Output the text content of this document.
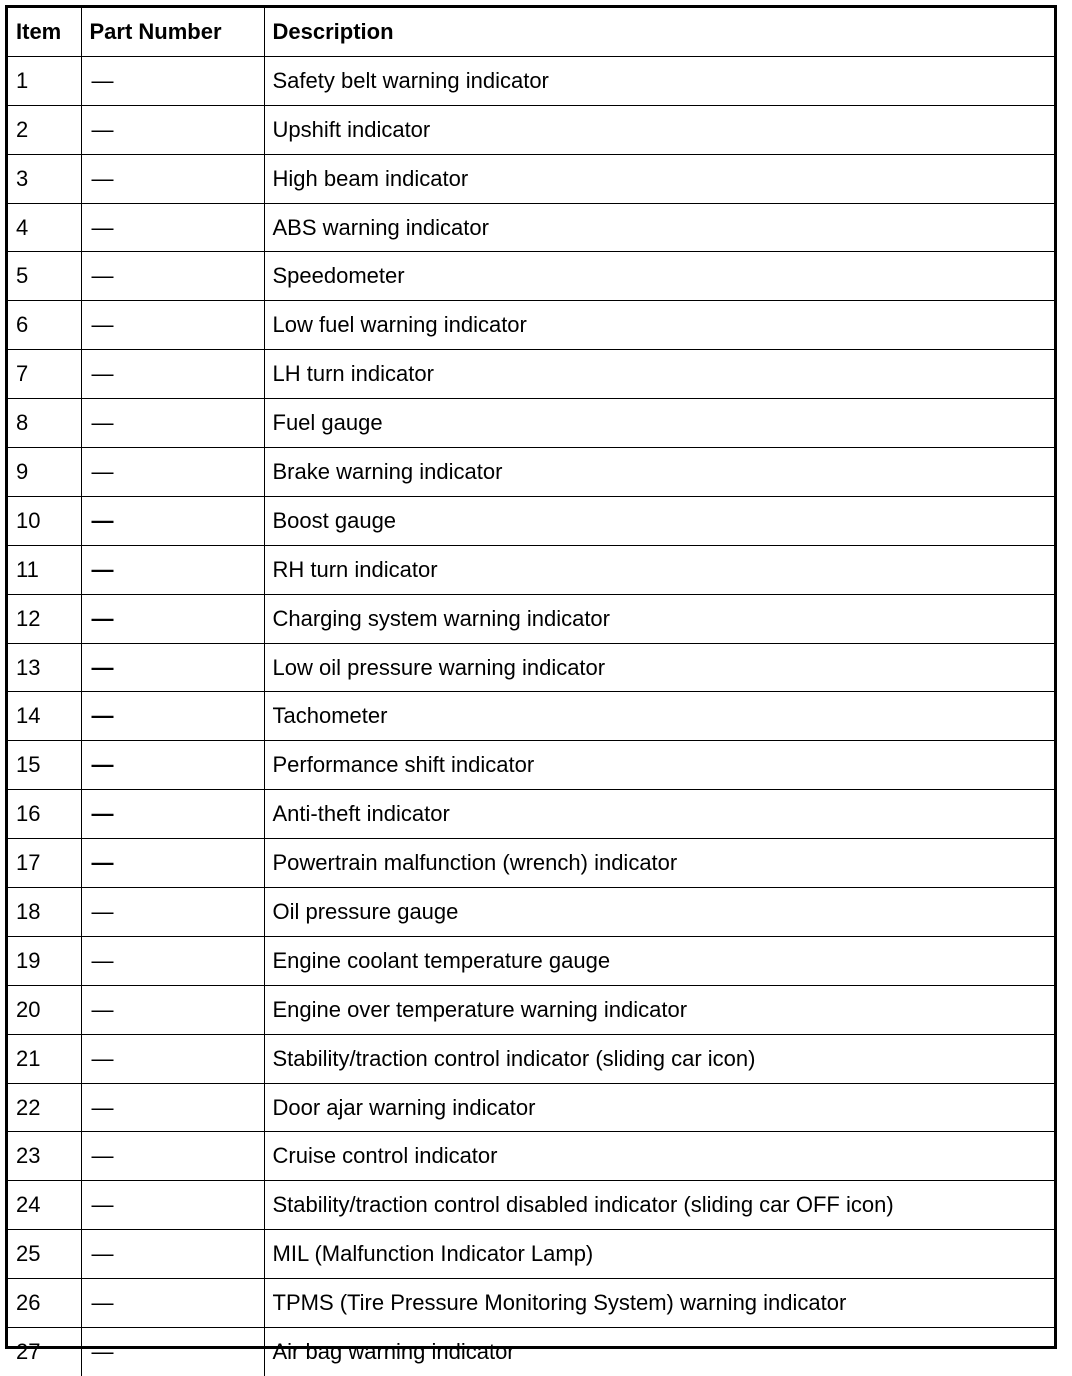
Item	Part Number	Description
1	—	Safety belt warning indicator
2	—	Upshift indicator
3	—	High beam indicator
4	—	ABS warning indicator
5	—	Speedometer
6	—	Low fuel warning indicator
7	—	LH turn indicator
8	—	Fuel gauge
9	—	Brake warning indicator
10	—	Boost gauge
11	—	RH turn indicator
12	—	Charging system warning indicator
13	—	Low oil pressure warning indicator
14	—	Tachometer
15	—	Performance shift indicator
16	—	Anti-theft indicator
17	—	Powertrain malfunction (wrench) indicator
18	—	Oil pressure gauge
19	—	Engine coolant temperature gauge
20	—	Engine over temperature warning indicator
21	—	Stability/traction control indicator (sliding car icon)
22	—	Door ajar warning indicator
23	—	Cruise control indicator
24	—	Stability/traction control disabled indicator (sliding car OFF icon)
25	—	MIL (Malfunction Indicator Lamp)
26	—	TPMS (Tire Pressure Monitoring System) warning indicator
27	—	Air bag warning indicator
